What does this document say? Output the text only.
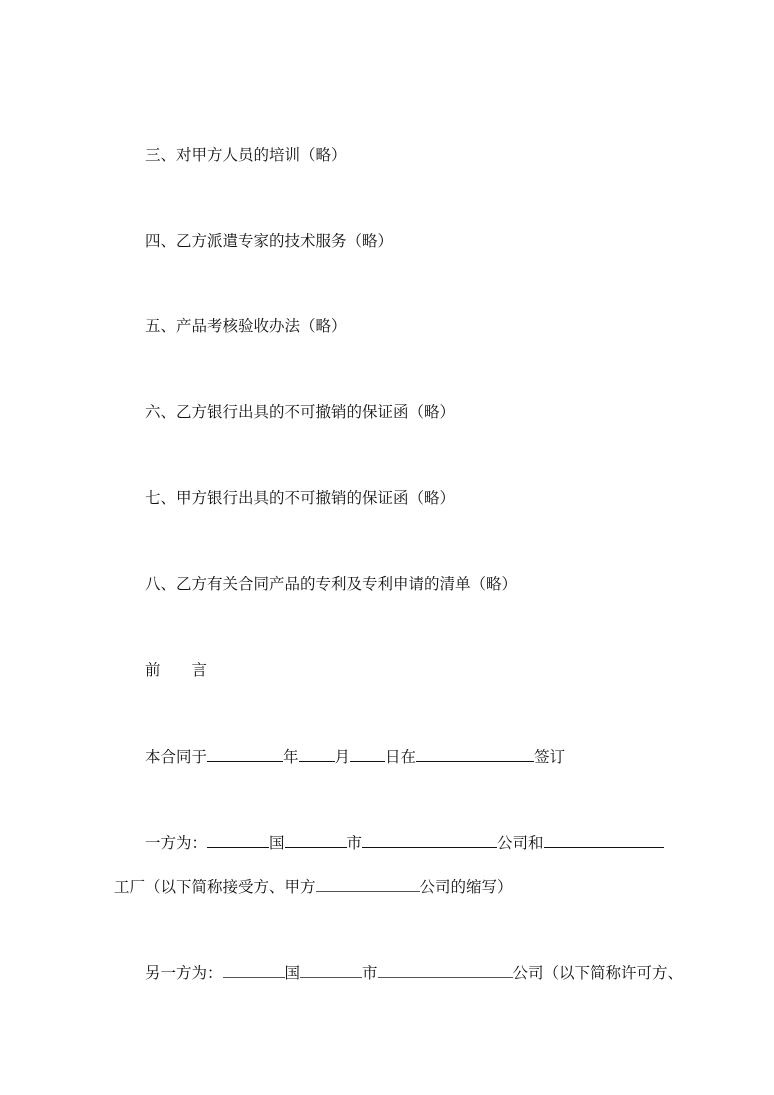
三、对甲方人员的培训（略）
四、乙方派遣专家的技术服务（略）
五、产品考核验收办法（略）
六、乙方银行出具的不可撤销的保证函（略）
七、甲方银行出具的不可撤销的保证函（略）
八、乙方有关合同产品的专利及专利申请的清单（略）
前 言
本合同于	年 月 日在	签订
一方为：	国	市	公司和
工厂（以下简称接受方、甲方	公司的缩写）
另一方为：	国	市	公司（以下简称许可方、
